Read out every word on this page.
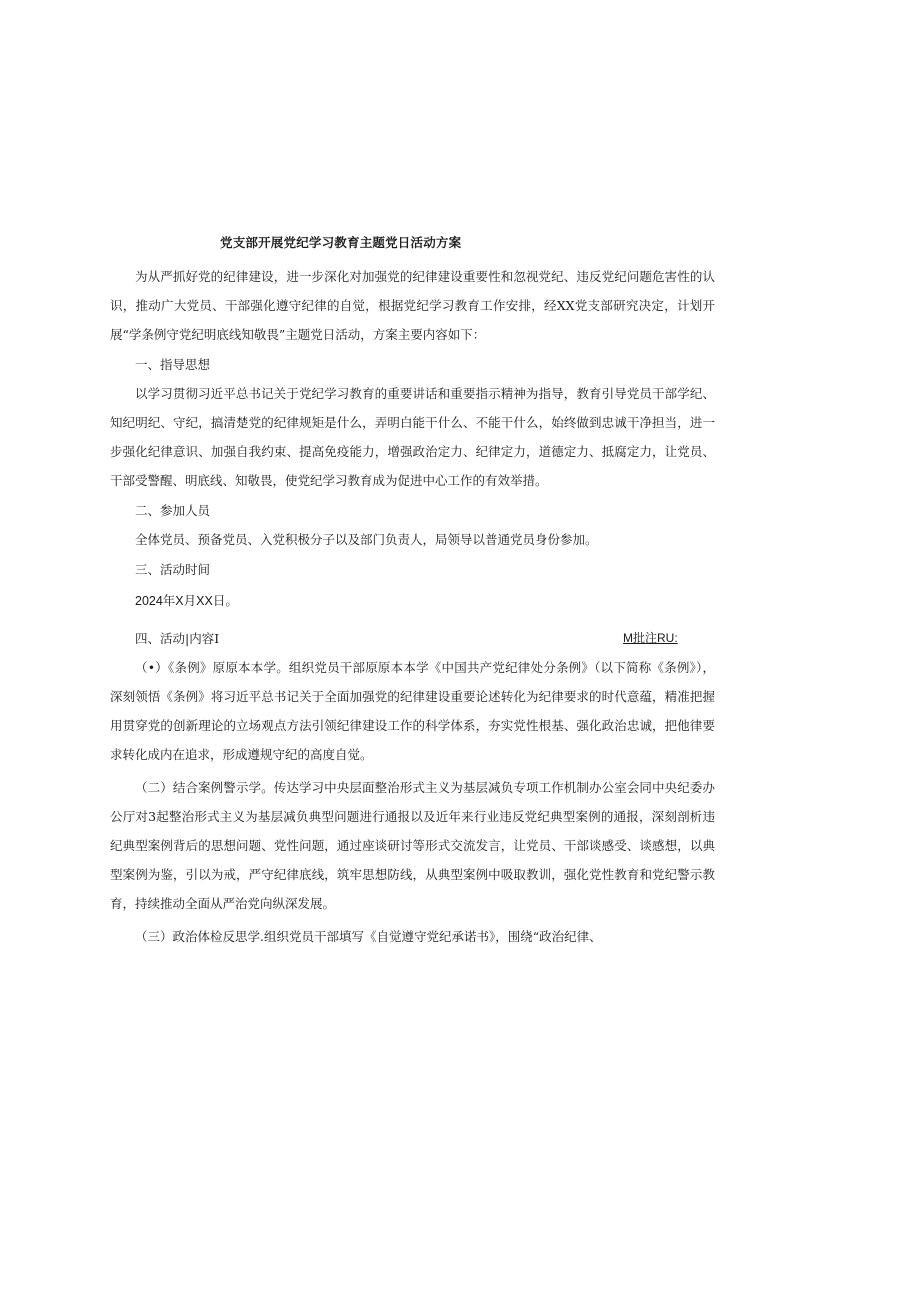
党支部开展党纪学习教育主题党日活动方案

为从严抓好党的纪律建设，进一步深化对加强党的纪律建设重要性和忽视党纪、违反党纪问题危害性的认识，推动广大党员、干部强化遵守纪律的自觉，根据党纪学习教育工作安排，经XX党支部研究决定，计划开展“学条例守党纪明底线知敬畏”主题党日活动，方案主要内容如下：

一、指导思想

以学习贯彻习近平总书记关于党纪学习教育的重要讲话和重要指示精神为指导，教育引导党员干部学纪、知纪明纪、守纪，搞清楚党的纪律规矩是什么，弄明白能干什么、不能干什么，始终做到忠诚干净担当，进一步强化纪律意识、加强自我约束、提高免疫能力，增强政治定力、纪律定力，道德定力、抵腐定力，让党员、干部受警醒、明底线、知敬畏，使党纪学习教育成为促进中心工作的有效举措。

二、参加人员

全体党员、预备党员、入党积极分子以及部门负责人，局领导以普通党员身份参加。

三、活动时间

2024年X月XX日。

四、活动|内容I	M批注RU:

（•）《条例》原原本本学。组织党员干部原原本本学《中国共产党纪律处分条例》（以下简称《条例》），深刻领悟《条例》将习近平总书记关于全面加强党的纪律建设重要论述转化为纪律要求的时代意蕴，精准把握用贯穿党的创新理论的立场观点方法引领纪律建设工作的科学体系，夯实党性根基、强化政治忠诚，把他律要求转化成内在追求，形成遵规守纪的高度自觉。

（二）结合案例警示学。传达学习中央层面整治形式主义为基层减负专项工作机制办公室会同中央纪委办公厅对3起整治形式主义为基层减负典型问题进行通报以及近年来行业违反党纪典型案例的通报，深刻剖析违纪典型案例背后的思想问题、党性问题，通过座谈研讨等形式交流发言，让党员、干部谈感受、谈感想，以典型案例为鉴，引以为戒，严守纪律底线，筑牢思想防线，从典型案例中吸取教训，强化党性教育和党纪警示教育，持续推动全面从严治党向纵深发展。

（三）政治体检反思学.组织党员干部填写《自觉遵守党纪承诺书》，围绕“政治纪律、
